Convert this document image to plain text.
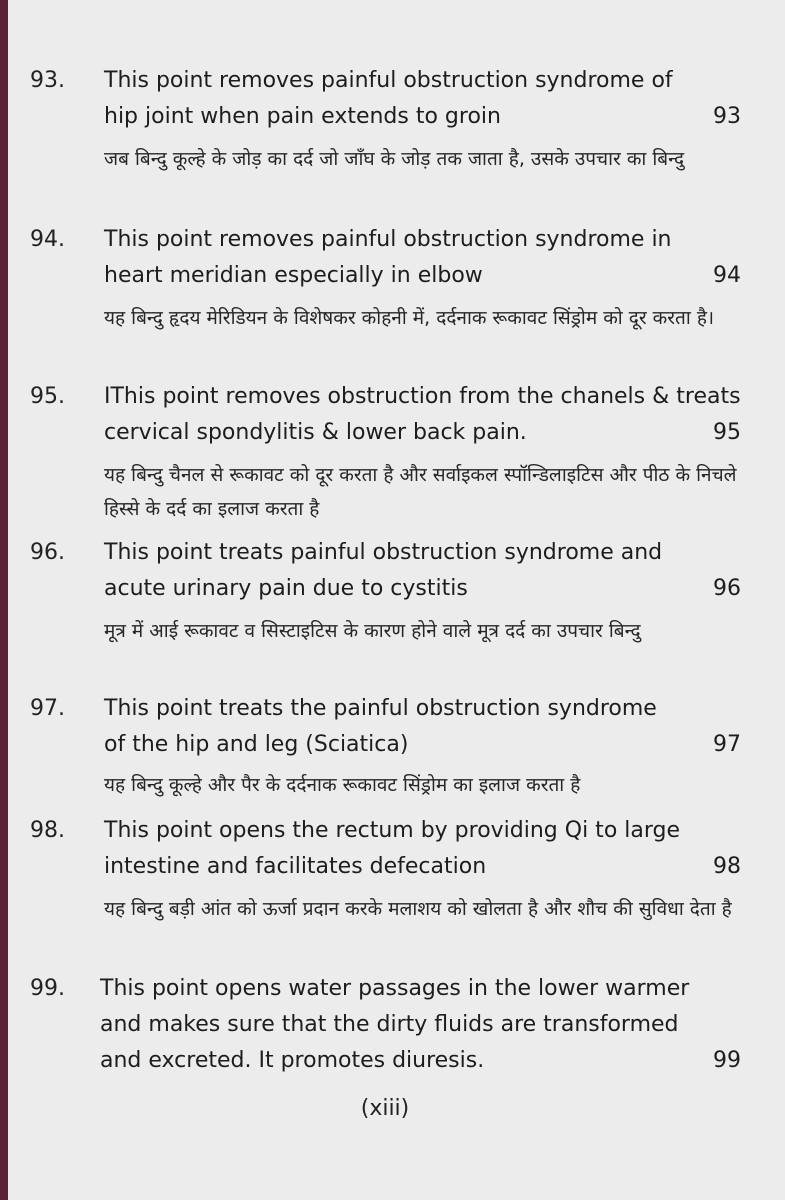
93.	This point removes painful obstruction syndrome of
hip joint when pain extends to groin	93
जब बिन्दु कूल्हे के जोड़ का दर्द जो जाँघ के जोड़ तक जाता है, उसके उपचार का बिन्दु
94.	This point removes painful obstruction syndrome in
heart meridian especially in elbow	94
यह बिन्दु हृदय मेरिडियन के विशेषकर कोहनी में, दर्दनाक रूकावट सिंड्रोम को दूर करता है।
95.	IThis point removes obstruction from the chanels & treats
cervical spondylitis & lower back pain.	95
यह बिन्दु चैनल से रूकावट को दूर करता है और सर्वाइकल स्पॉन्डिलाइटिस और पीठ के निचले हिस्से के दर्द का इलाज करता है
96.	This point treats painful obstruction syndrome and
acute urinary pain due to cystitis	96
मूत्र में आई रूकावट व सिस्टाइटिस के कारण होने वाले मूत्र दर्द का उपचार बिन्दु
97.	This point treats the painful obstruction syndrome
of the hip and leg (Sciatica)	97
यह बिन्दु कूल्हे और पैर के दर्दनाक रूकावट सिंड्रोम का इलाज करता है
98.	This point opens the rectum by providing Qi to large
intestine and facilitates defecation	98
यह बिन्दु बड़ी आंत को ऊर्जा प्रदान करके मलाशय को खोलता है और शौच की सुविधा देता है
99.	This point opens water passages in the lower warmer
and makes sure that the dirty fluids are transformed
and excreted. It promotes diuresis.	99
(xiii)
